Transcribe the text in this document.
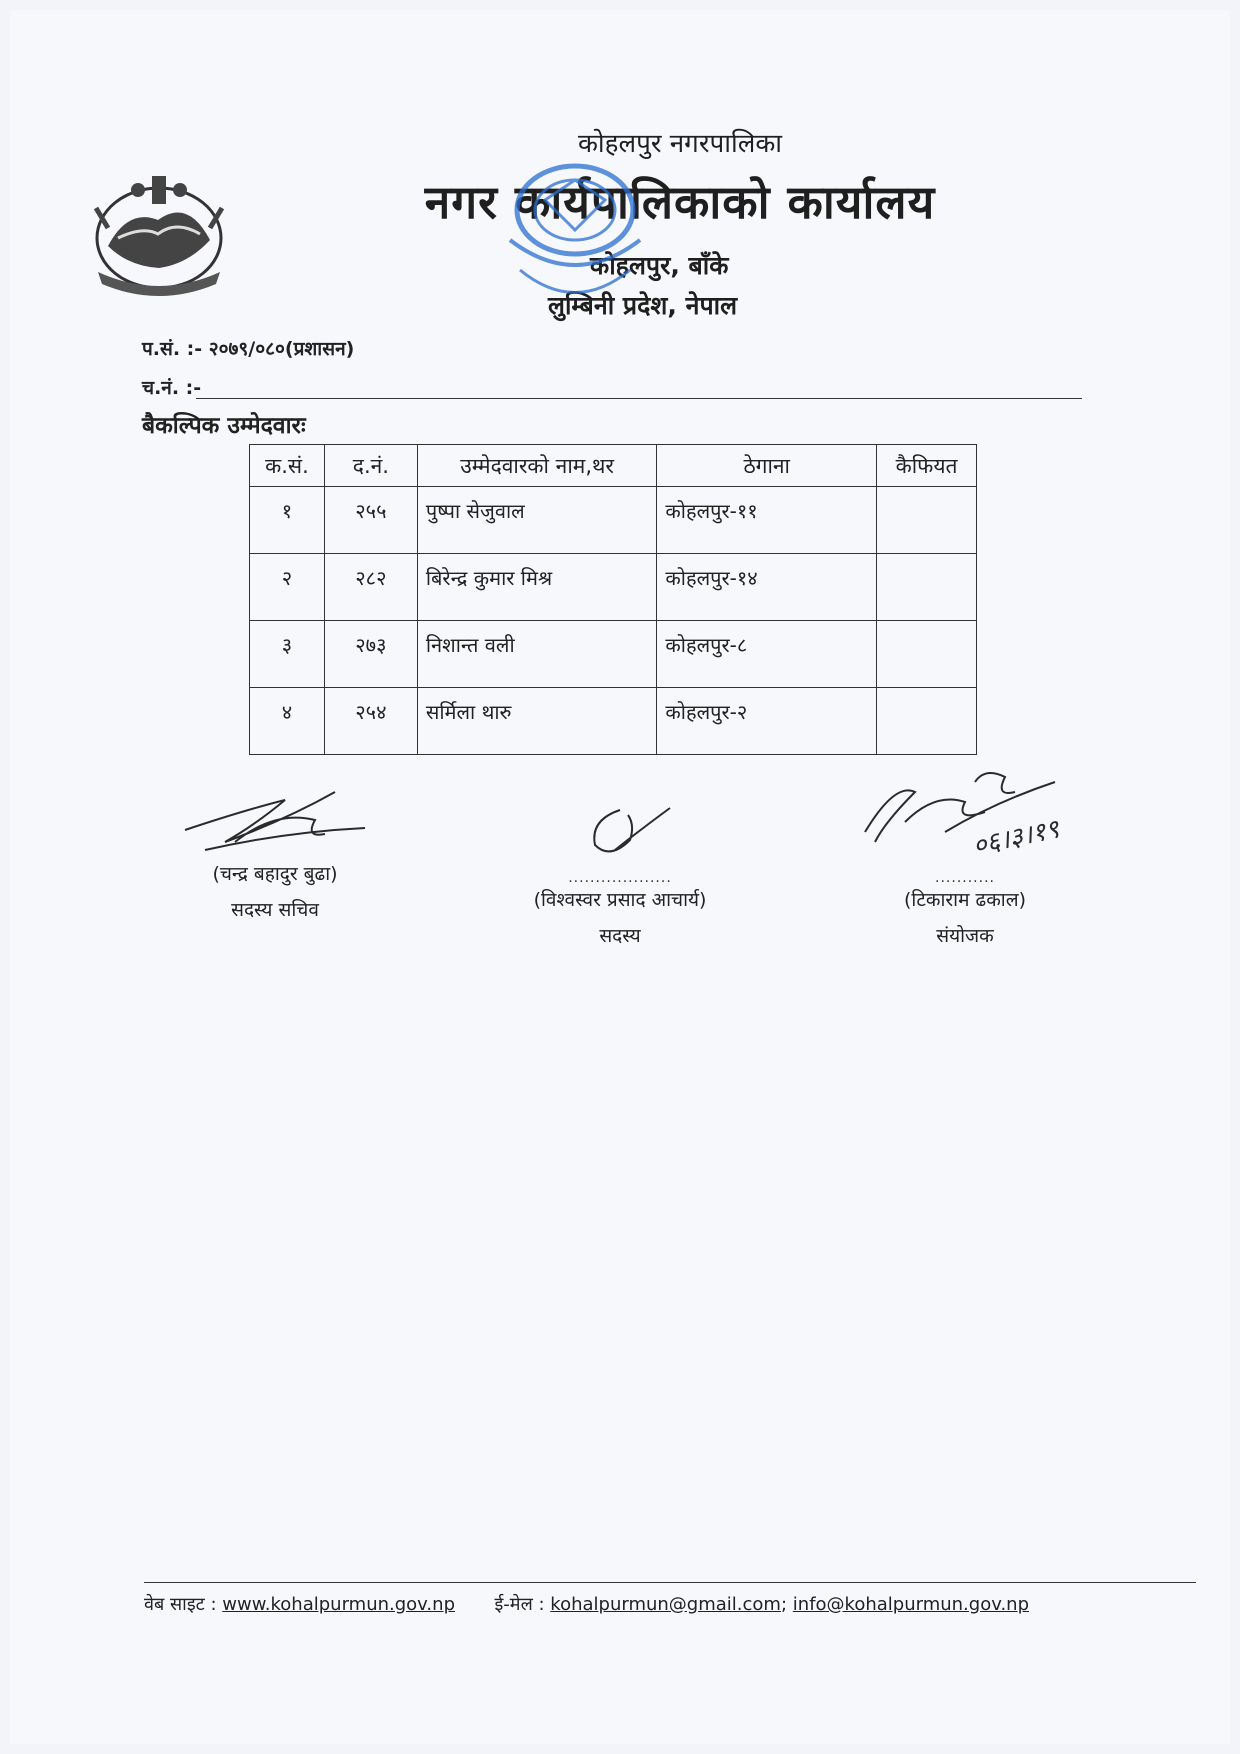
कोहलपुर नगरपालिका
नगर कार्यपालिकाको कार्यालय
कोहलपुर, बाँके
लुम्बिनी प्रदेश, नेपाल
प.सं. :- २०७९/०८०(प्रशासन)
च.नं. :-
बैकल्पिक उम्मेदवारः
क.सं.	द.नं.	उम्मेदवारको नाम,थर	ठेगाना	कैफियत
१	२५५	पुष्पा सेजुवाल	कोहलपुर-११	
२	२८२	बिरेन्द्र कुमार मिश्र	कोहलपुर-१४	
३	२७३	निशान्त वली	कोहलपुर-८	
४	२५४	सर्मिला थारु	कोहलपुर-२	
(चन्द्र बहादुर बुढा)
सदस्य सचिव
...................
(विश्वस्वर प्रसाद आचार्य)
सदस्य
...........
(टिकाराम ढकाल)
संयोजक
०६।३।१९
वेब साइट : www.kohalpurmun.gov.np ई-मेल : kohalpurmun@gmail.com; info@kohalpurmun.gov.np
